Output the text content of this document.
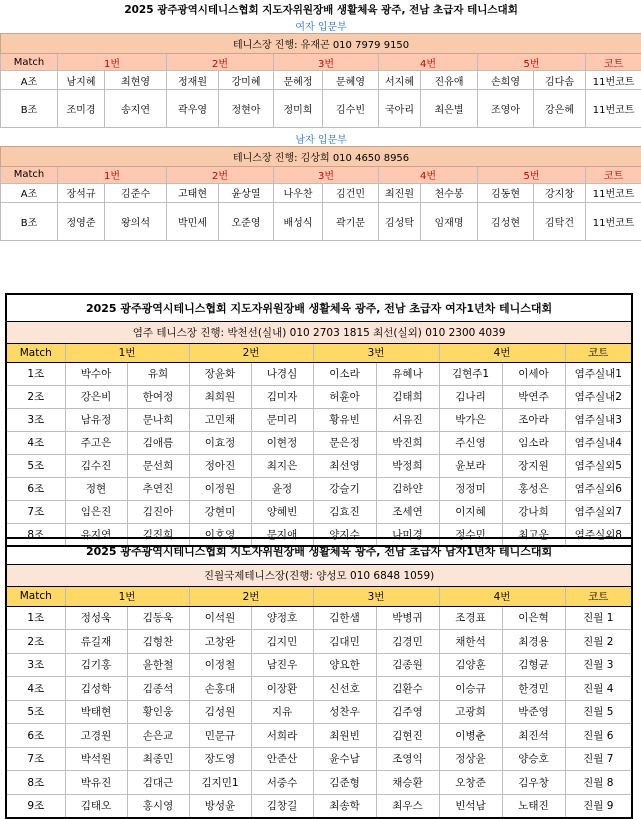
2025 광주광역시테니스협회 지도자위원장배 생활체육 광주, 전남 초급자 테니스대회											
여자 입문부											
테니스장 진행: 유재곤 010 7979 9150											
Match	1번		2번		3번		4번		5번		코트
A조	남지혜	최현영	정재원	강미혜	문혜정	문혜영	서지혜	진유애	손희영	김다솜	11번코트
B조	조미경	송지연	곽우영	정현아	정미희	김수빈	국아리	최은별	조영아	강은혜	11번코트

남자 입문부											
테니스장 진행: 김상희 010 4650 8956											
Match	1번		2번		3번		4번		5번		코트
A조	장석규	김준수	고태현	윤상열	나우찬	김건민	최진원	천수봉	김동현	강지창	11번코트
B조	정영준	왕의석	박민세	오준영	배성식	곽기문	김성탁	임재명	김성현	김탁건	11번코트
2025 광주광역시테니스협회 지도자위원장배 생활체육 광주, 전남 초급자 여자1년차 테니스대회									
염주 테니스장 진행: 박천선(실내) 010 2703 1815 최선(실외) 010 2300 4039									
Match	1번		2번		3번		4번		코트
1조	박수아	유희	장윤화	나경심	이소라	유혜나	김현주1	이세아	염주실내1
2조	강은비	한여정	최희원	김미자	허휸아	김태희	김나리	박연주	염주실내2
3조	남유정	문나희	고민채	문미리	황유빈	서유진	박가은	조아라	염주실내3
4조	주고은	김애름	이효정	이현정	문은정	박진희	주신영	임소라	염주실내4
5조	김수진	문선희	정아진	최지은	최선영	박정희	윤보라	장지원	염주실외5
6조	정현	추연진	이정원	윤정	강슬기	김하얀	정정미	홍성은	염주실외6
7조	임은진	김진아	강현미	양혜빈	김효진	조세연	이지혜	강나희	염주실외7
8조	유지연	김진희	이호영	문지애	양지수	나미경	정수민	최고운	염주실외8
2025 광주광역시테니스협회 지도자위원장배 생활체육 광주, 전남 초급자 남자1년차 테니스대회									
진월국제테니스장(진행: 양성모 010 6848 1059)									
Match	1번		2번		3번		4번		코트
1조	정성욱	김동욱	이석원	양정호	김한샘	박병귀	조경표	이은혁	진월 1
2조	류길재	김형찬	고창완	김지민	김대민	김경민	채한석	최경용	진월 2
3조	김기홍	윤한철	이정철	남진우	양요한	김종원	김양훈	김형균	진월 3
4조	김성학	김종석	손홍대	이장환	신선호	김환수	이승규	한경민	진월 4
5조	박태현	황인웅	김성원	지유	성찬우	김주영	고광희	박준영	진월 5
6조	고경원	손은교	민문규	서희라	최원빈	김현진	이병춘	최진석	진월 6
7조	박석원	최종민	장도영	안준산	윤수남	조영익	정상윤	양승호	진월 7
8조	박유진	김대근	김지민1	서중수	김준형	채승환	오창준	김우창	진월 8
9조	김태오	홍시영	방성윤	김창길	최송학	최우스	빈석남	노태진	진월 9
